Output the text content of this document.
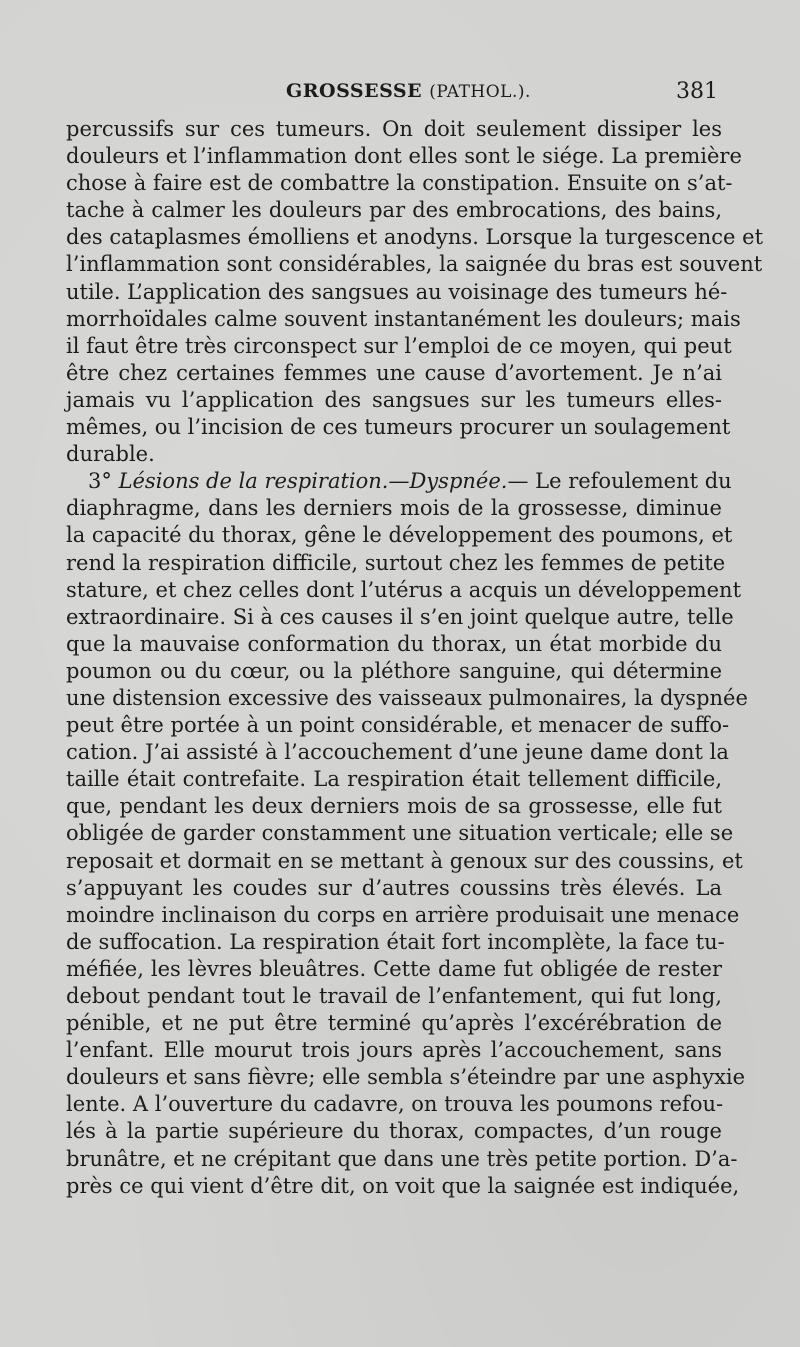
GROSSESSE (PATHOL.).	381
percussifs sur ces tumeurs. On doit seulement dissiper les
douleurs et l’inflammation dont elles sont le siége. La première
chose à faire est de combattre la constipation. Ensuite on s’at-
tache à calmer les douleurs par des embrocations, des bains,
des cataplasmes émolliens et anodyns. Lorsque la turgescence et
l’inflammation sont considérables, la saignée du bras est souvent
utile. L’application des sangsues au voisinage des tumeurs hé-
morrhoïdales calme souvent instantanément les douleurs; mais
il faut être très circonspect sur l’emploi de ce moyen, qui peut
être chez certaines femmes une cause d’avortement. Je n’ai
jamais vu l’application des sangsues sur les tumeurs elles-
mêmes, ou l’incision de ces tumeurs procurer un soulagement
durable.
3° Lésions de la respiration.—Dyspnée.— Le refoulement du
diaphragme, dans les derniers mois de la grossesse, diminue
la capacité du thorax, gêne le développement des poumons, et
rend la respiration difficile, surtout chez les femmes de petite
stature, et chez celles dont l’utérus a acquis un développement
extraordinaire. Si à ces causes il s’en joint quelque autre, telle
que la mauvaise conformation du thorax, un état morbide du
poumon ou du cœur, ou la pléthore sanguine, qui détermine
une distension excessive des vaisseaux pulmonaires, la dyspnée
peut être portée à un point considérable, et menacer de suffo-
cation. J’ai assisté à l’accouchement d’une jeune dame dont la
taille était contrefaite. La respiration était tellement difficile,
que, pendant les deux derniers mois de sa grossesse, elle fut
obligée de garder constamment une situation verticale; elle se
reposait et dormait en se mettant à genoux sur des coussins, et
s’appuyant les coudes sur d’autres coussins très élevés. La
moindre inclinaison du corps en arrière produisait une menace
de suffocation. La respiration était fort incomplète, la face tu-
méfiée, les lèvres bleuâtres. Cette dame fut obligée de rester
debout pendant tout le travail de l’enfantement, qui fut long,
pénible, et ne put être terminé qu’après l’excérébration de
l’enfant. Elle mourut trois jours après l’accouchement, sans
douleurs et sans fièvre; elle sembla s’éteindre par une asphyxie
lente. A l’ouverture du cadavre, on trouva les poumons refou-
lés à la partie supérieure du thorax, compactes, d’un rouge
brunâtre, et ne crépitant que dans une très petite portion. D’a-
près ce qui vient d’être dit, on voit que la saignée est indiquée,
